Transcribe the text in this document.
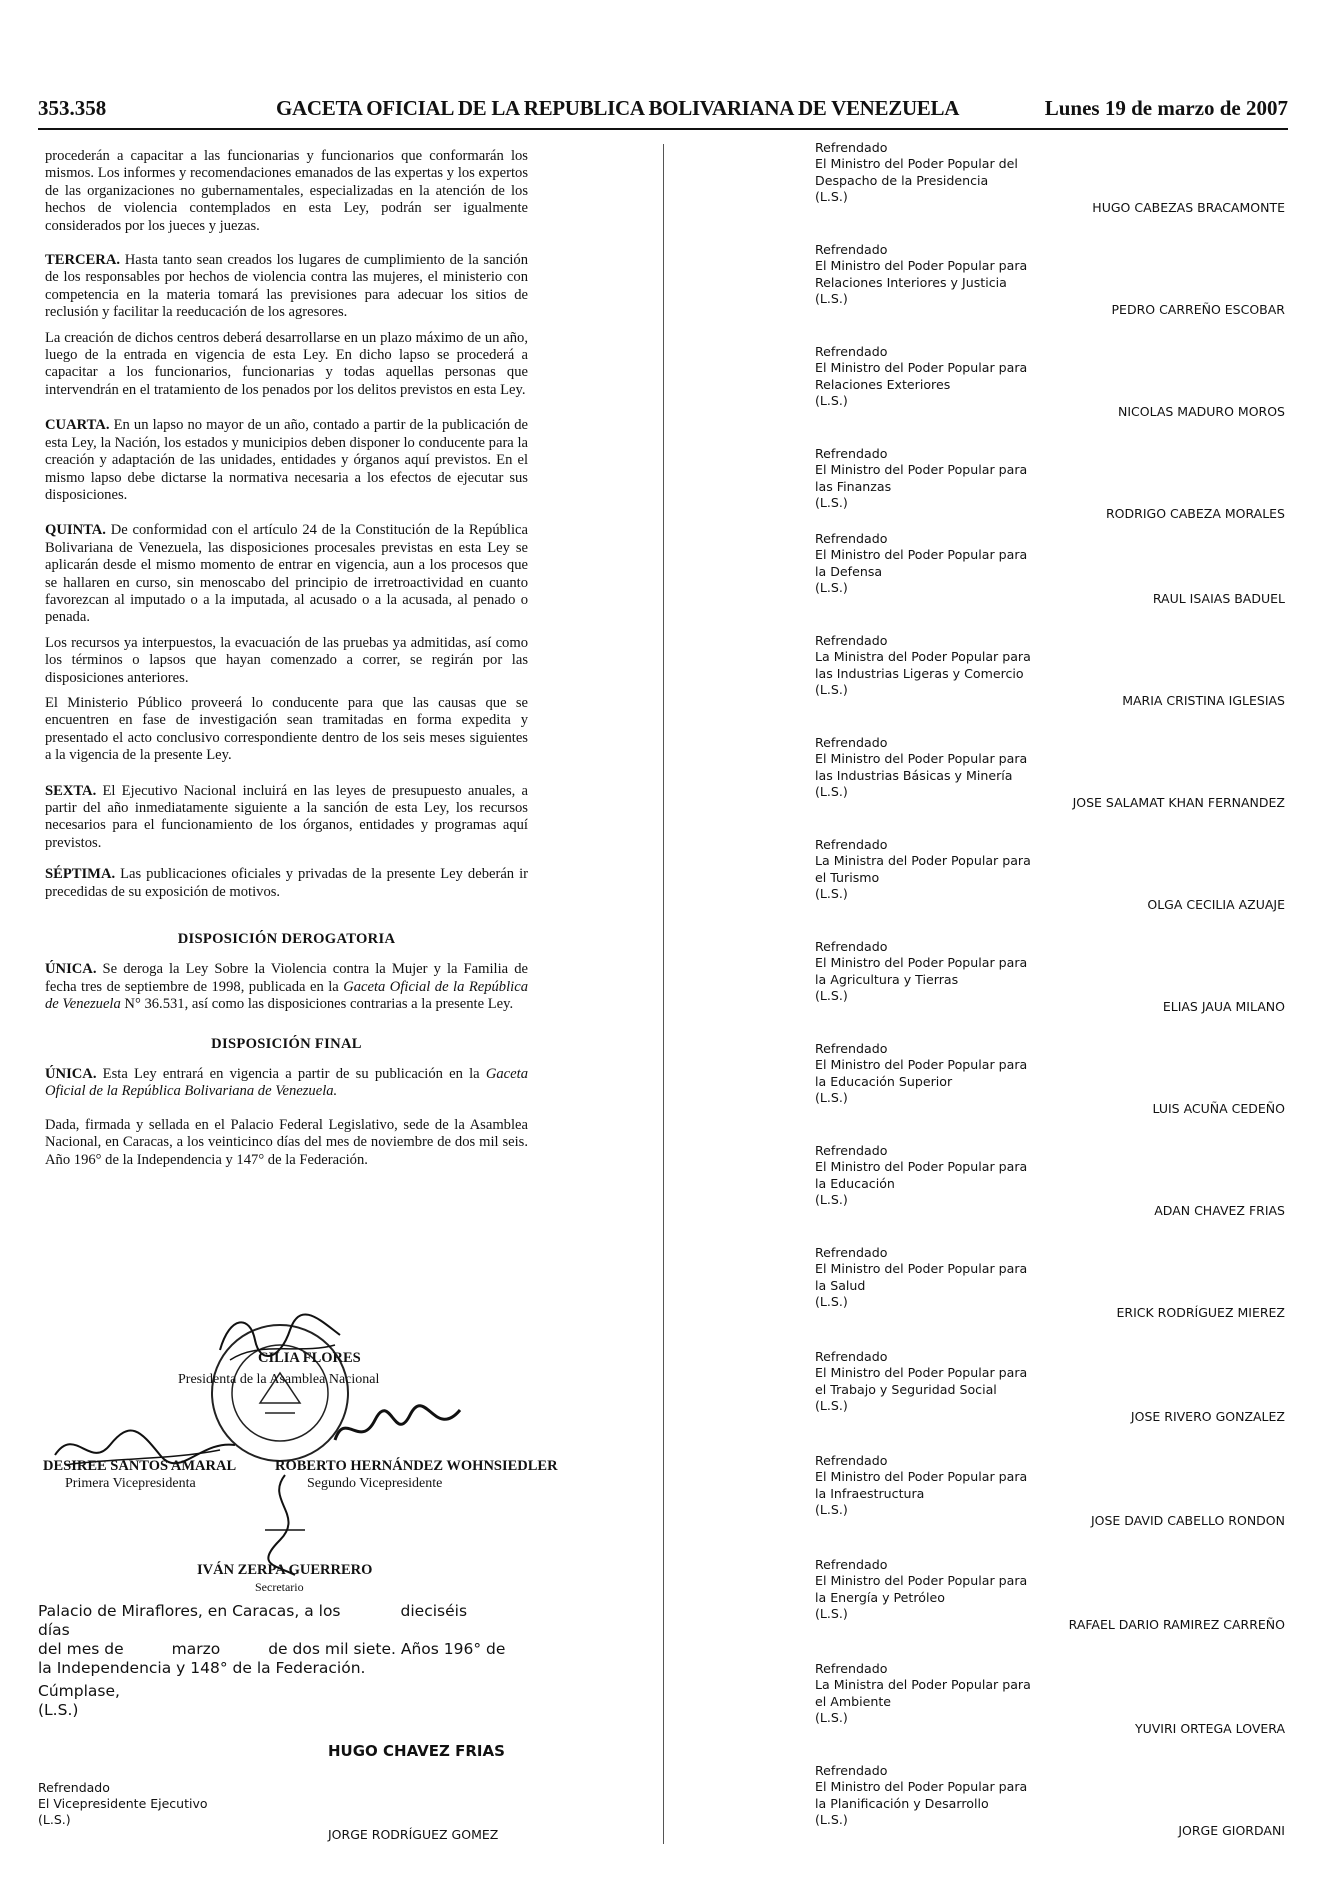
353.358	GACETA OFICIAL DE LA REPUBLICA BOLIVARIANA DE VENEZUELA	Lunes 19 de marzo de 2007

procederán a capacitar a las funcionarias y funcionarios que conformarán los mismos. Los informes y recomendaciones emanados de las expertas y los expertos de las organizaciones no gubernamentales, especializadas en la atención de los hechos de violencia contemplados en esta Ley, podrán ser igualmente considerados por los jueces y juezas.

TERCERA. Hasta tanto sean creados los lugares de cumplimiento de la sanción de los responsables por hechos de violencia contra las mujeres, el ministerio con competencia en la materia tomará las previsiones para adecuar los sitios de reclusión y facilitar la reeducación de los agresores.

La creación de dichos centros deberá desarrollarse en un plazo máximo de un año, luego de la entrada en vigencia de esta Ley. En dicho lapso se procederá a capacitar a los funcionarios, funcionarias y todas aquellas personas que intervendrán en el tratamiento de los penados por los delitos previstos en esta Ley.

CUARTA. En un lapso no mayor de un año, contado a partir de la publicación de esta Ley, la Nación, los estados y municipios deben disponer lo conducente para la creación y adaptación de las unidades, entidades y órganos aquí previstos. En el mismo lapso debe dictarse la normativa necesaria a los efectos de ejecutar sus disposiciones.

QUINTA. De conformidad con el artículo 24 de la Constitución de la República Bolivariana de Venezuela, las disposiciones procesales previstas en esta Ley se aplicarán desde el mismo momento de entrar en vigencia, aun a los procesos que se hallaren en curso, sin menoscabo del principio de irretroactividad en cuanto favorezcan al imputado o a la imputada, al acusado o a la acusada, al penado o penada.

Los recursos ya interpuestos, la evacuación de las pruebas ya admitidas, así como los términos o lapsos que hayan comenzado a correr, se regirán por las disposiciones anteriores.

El Ministerio Público proveerá lo conducente para que las causas que se encuentren en fase de investigación sean tramitadas en forma expedita y presentado el acto conclusivo correspondiente dentro de los seis meses siguientes a la vigencia de la presente Ley.

SEXTA. El Ejecutivo Nacional incluirá en las leyes de presupuesto anuales, a partir del año inmediatamente siguiente a la sanción de esta Ley, los recursos necesarios para el funcionamiento de los órganos, entidades y programas aquí previstos.

SÉPTIMA. Las publicaciones oficiales y privadas de la presente Ley deberán ir precedidas de su exposición de motivos.

DISPOSICIÓN DEROGATORIA

ÚNICA. Se deroga la Ley Sobre la Violencia contra la Mujer y la Familia de fecha tres de septiembre de 1998, publicada en la Gaceta Oficial de la República de Venezuela N° 36.531, así como las disposiciones contrarias a la presente Ley.

DISPOSICIÓN FINAL

ÚNICA. Esta Ley entrará en vigencia a partir de su publicación en la Gaceta Oficial de la República Bolivariana de Venezuela.

Dada, firmada y sellada en el Palacio Federal Legislativo, sede de la Asamblea Nacional, en Caracas, a los veinticinco días del mes de noviembre de dos mil seis. Año 196° de la Independencia y 147° de la Federación.

CILIA FLORES
Presidenta de la Asamblea Nacional
DESIREE SANTOS AMARAL
Primera Vicepresidenta
ROBERTO HERNÁNDEZ WOHNSIEDLER
Segundo Vicepresidente
IVÁN ZERPA GUERRERO
Secretario
Palacio de Miraflores, en Caracas, a los	dieciséisdías
del mes de	marzo	de dos mil siete. Años 196° de
la Independencia y 148° de la Federación.
Cúmplase,
(L.S.)
HUGO CHAVEZ FRIAS
Refrendado
El Vicepresidente Ejecutivo
(L.S.)
JORGE RODRÍGUEZ GOMEZ
Refrendado
El Ministro del Poder Popular del
Despacho de la Presidencia
(L.S.)
HUGO CABEZAS BRACAMONTE
Refrendado
El Ministro del Poder Popular para
Relaciones Interiores y Justicia
(L.S.)
PEDRO CARREÑO ESCOBAR
Refrendado
El Ministro del Poder Popular para
Relaciones Exteriores
(L.S.)
NICOLAS MADURO MOROS
Refrendado
El Ministro del Poder Popular para
las Finanzas
(L.S.)
RODRIGO CABEZA MORALES
Refrendado
El Ministro del Poder Popular para
la Defensa
(L.S.)
RAUL ISAIAS BADUEL
Refrendado
La Ministra del Poder Popular para
las Industrias Ligeras y Comercio
(L.S.)
MARIA CRISTINA IGLESIAS
Refrendado
El Ministro del Poder Popular para
las Industrias Básicas y Minería
(L.S.)
JOSE SALAMAT KHAN FERNANDEZ
Refrendado
La Ministra del Poder Popular para
el Turismo
(L.S.)
OLGA CECILIA AZUAJE
Refrendado
El Ministro del Poder Popular para
la Agricultura y Tierras
(L.S.)
ELIAS JAUA MILANO
Refrendado
El Ministro del Poder Popular para
la Educación Superior
(L.S.)
LUIS ACUÑA CEDEÑO
Refrendado
El Ministro del Poder Popular para
la Educación
(L.S.)
ADAN CHAVEZ FRIAS
Refrendado
El Ministro del Poder Popular para
la Salud
(L.S.)
ERICK RODRÍGUEZ MIEREZ
Refrendado
El Ministro del Poder Popular para
el Trabajo y Seguridad Social
(L.S.)
JOSE RIVERO GONZALEZ
Refrendado
El Ministro del Poder Popular para
la Infraestructura
(L.S.)
JOSE DAVID CABELLO RONDON
Refrendado
El Ministro del Poder Popular para
la Energía y Petróleo
(L.S.)
RAFAEL DARIO RAMIREZ CARREÑO
Refrendado
La Ministra del Poder Popular para
el Ambiente
(L.S.)
YUVIRI ORTEGA LOVERA
Refrendado
El Ministro del Poder Popular para
la Planificación y Desarrollo
(L.S.)
JORGE GIORDANI
